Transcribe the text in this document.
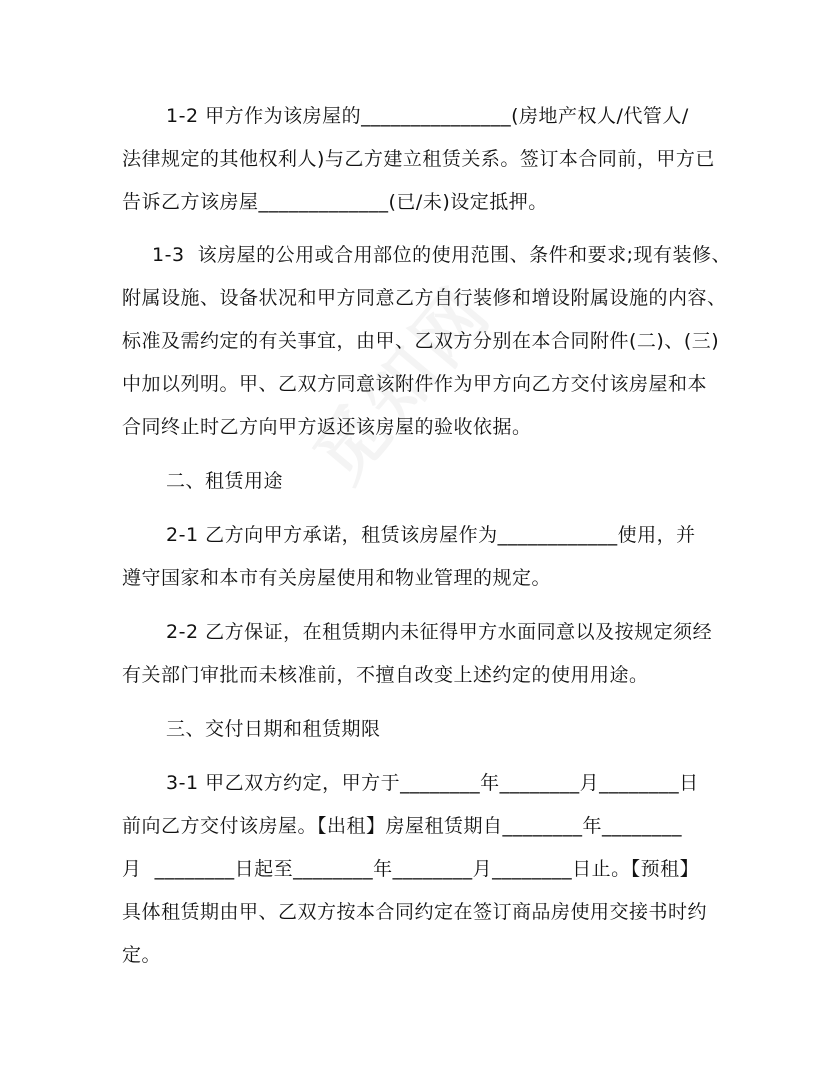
1-2 甲方作为该房屋的_______________(房地产权人/代管人/
法律规定的其他权利人)与乙方建立租赁关系。签订本合同前，甲方已
告诉乙方该房屋_____________(已/未)设定抵押。
1-3  该房屋的公用或合用部位的使用范围、条件和要求;现有装修、
附属设施、设备状况和甲方同意乙方自行装修和增设附属设施的内容、
标准及需约定的有关事宜，由甲、乙双方分别在本合同附件(二)、(三)
中加以列明。甲、乙双方同意该附件作为甲方向乙方交付该房屋和本
合同终止时乙方向甲方返还该房屋的验收依据。
二、租赁用途
2-1 乙方向甲方承诺，租赁该房屋作为____________使用，并
遵守国家和本市有关房屋使用和物业管理的规定。
2-2 乙方保证，在租赁期内未征得甲方水面同意以及按规定须经
有关部门审批而未核准前，不擅自改变上述约定的使用用途。
三、交付日期和租赁期限
3-1 甲乙双方约定，甲方于________年________月________日
前向乙方交付该房屋。【出租】房屋租赁期自________年________
月  ________日起至________年________月________日止。【预租】
具体租赁期由甲、乙双方按本合同约定在签订商品房使用交接书时约
定。
